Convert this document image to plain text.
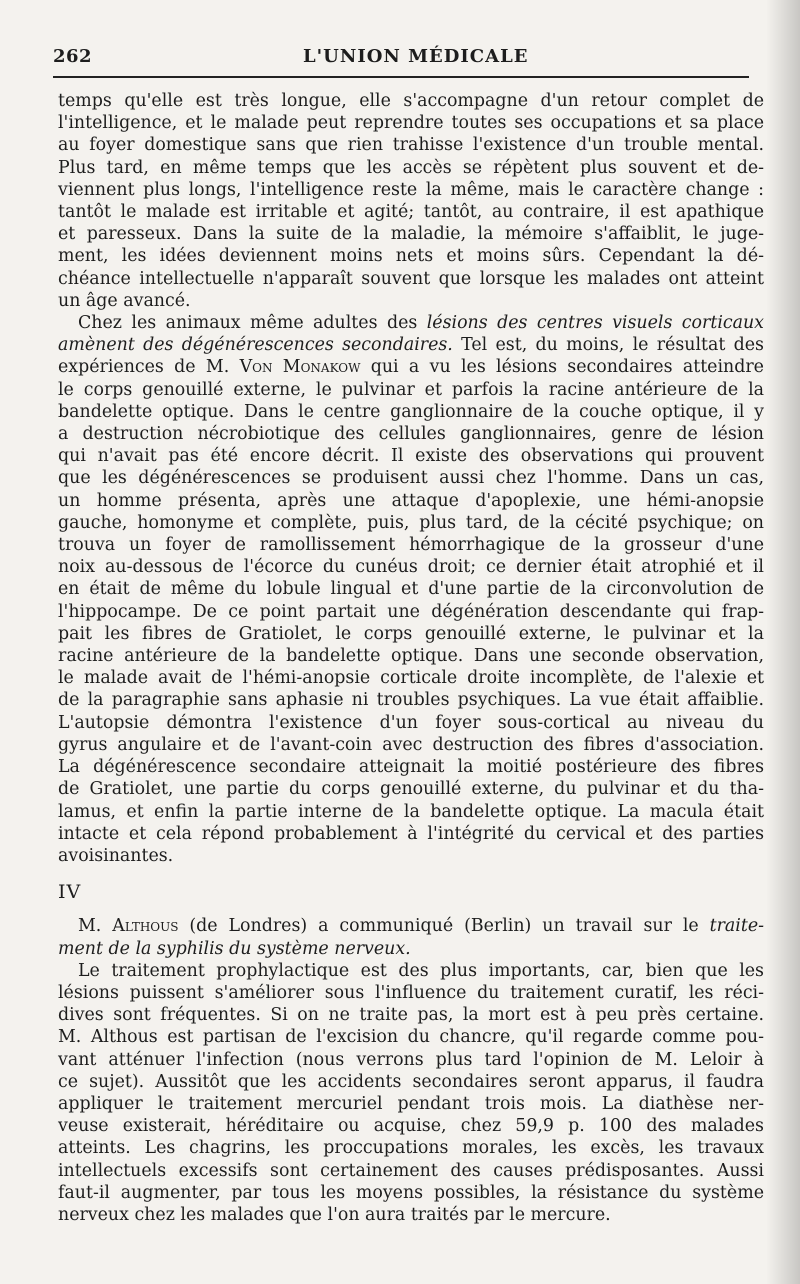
262	L'UNION MÉDICALE
temps qu'elle est très longue, elle s'accompagne d'un retour complet de
l'intelligence, et le malade peut reprendre toutes ses occupations et sa place
au foyer domestique sans que rien trahisse l'existence d'un trouble mental.
Plus tard, en même temps que les accès se répètent plus souvent et de-
viennent plus longs, l'intelligence reste la même, mais le caractère change :
tantôt le malade est irritable et agité; tantôt, au contraire, il est apathique
et paresseux. Dans la suite de la maladie, la mémoire s'affaiblit, le juge-
ment, les idées deviennent moins nets et moins sûrs. Cependant la dé-
chéance intellectuelle n'apparaît souvent que lorsque les malades ont atteint
un âge avancé.
Chez les animaux même adultes des lésions des centres visuels corticaux
amènent des dégénérescences secondaires. Tel est, du moins, le résultat des
expériences de M. Von Monakow qui a vu les lésions secondaires atteindre
le corps genouillé externe, le pulvinar et parfois la racine antérieure de la
bandelette optique. Dans le centre ganglionnaire de la couche optique, il y
a destruction nécrobiotique des cellules ganglionnaires, genre de lésion
qui n'avait pas été encore décrit. Il existe des observations qui prouvent
que les dégénérescences se produisent aussi chez l'homme. Dans un cas,
un homme présenta, après une attaque d'apoplexie, une hémi-anopsie
gauche, homonyme et complète, puis, plus tard, de la cécité psychique; on
trouva un foyer de ramollissement hémorrhagique de la grosseur d'une
noix au-dessous de l'écorce du cunéus droit; ce dernier était atrophié et il
en était de même du lobule lingual et d'une partie de la circonvolution de
l'hippocampe. De ce point partait une dégénération descendante qui frap-
pait les fibres de Gratiolet, le corps genouillé externe, le pulvinar et la
racine antérieure de la bandelette optique. Dans une seconde observation,
le malade avait de l'hémi-anopsie corticale droite incomplète, de l'alexie et
de la paragraphie sans aphasie ni troubles psychiques. La vue était affaiblie.
L'autopsie démontra l'existence d'un foyer sous-cortical au niveau du
gyrus angulaire et de l'avant-coin avec destruction des fibres d'association.
La dégénérescence secondaire atteignait la moitié postérieure des fibres
de Gratiolet, une partie du corps genouillé externe, du pulvinar et du tha-
lamus, et enfin la partie interne de la bandelette optique. La macula était
intacte et cela répond probablement à l'intégrité du cervical et des parties
avoisinantes.
IV
M. Althous (de Londres) a communiqué (Berlin) un travail sur le traite-
ment de la syphilis du système nerveux.
Le traitement prophylactique est des plus importants, car, bien que les
lésions puissent s'améliorer sous l'influence du traitement curatif, les réci-
dives sont fréquentes. Si on ne traite pas, la mort est à peu près certaine.
M. Althous est partisan de l'excision du chancre, qu'il regarde comme pou-
vant atténuer l'infection (nous verrons plus tard l'opinion de M. Leloir à
ce sujet). Aussitôt que les accidents secondaires seront apparus, il faudra
appliquer le traitement mercuriel pendant trois mois. La diathèse ner-
veuse existerait, héréditaire ou acquise, chez 59,9 p. 100 des malades
atteints. Les chagrins, les proccupations morales, les excès, les travaux
intellectuels excessifs sont certainement des causes prédisposantes. Aussi
faut-il augmenter, par tous les moyens possibles, la résistance du système
nerveux chez les malades que l'on aura traités par le mercure.
